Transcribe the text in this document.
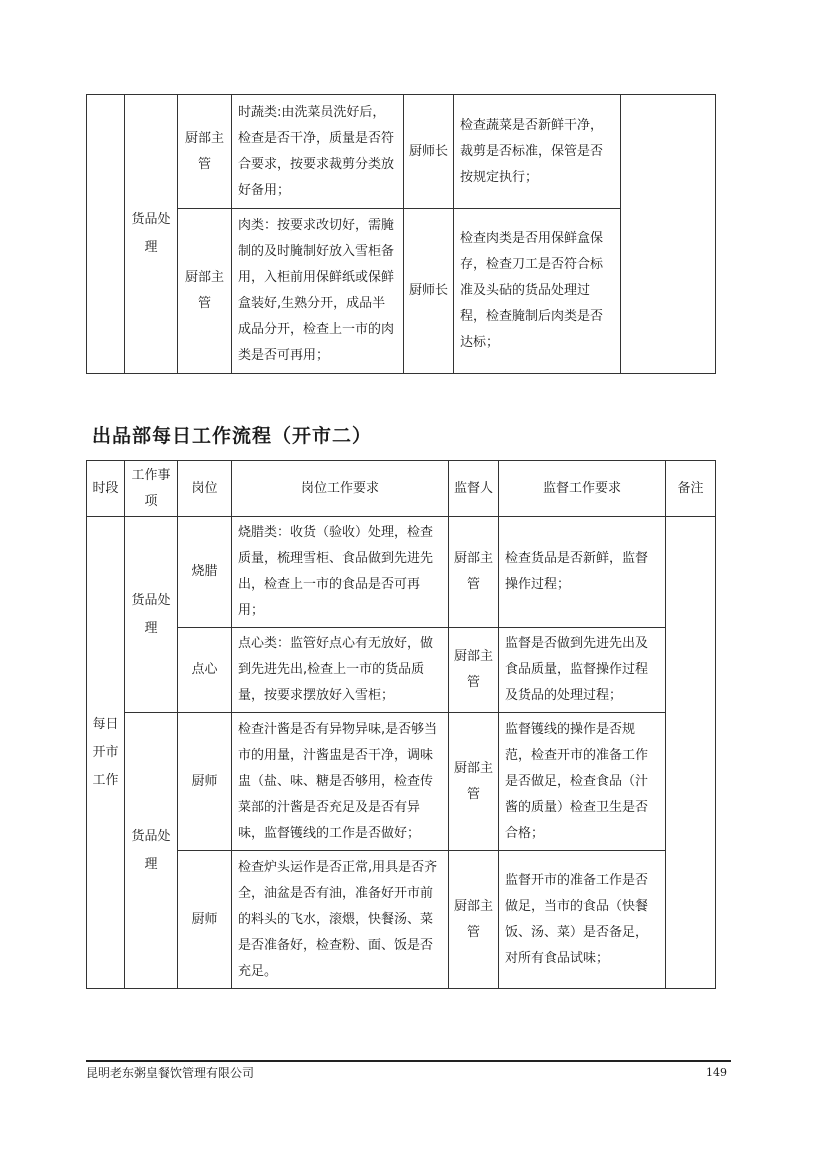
	货品处理	厨部主管	时蔬类:由洗菜员洗好后，检查是否干净，质量是否符合要求，按要求裁剪分类放好备用；	厨师长	检查蔬菜是否新鲜干净，裁剪是否标准，保管是否按规定执行；	
		厨部主管	肉类：按要求改切好，需腌制的及时腌制好放入雪柜备用，入柜前用保鲜纸或保鲜盒装好,生熟分开，成品半成品分开，检查上一市的肉类是否可再用；	厨师长	检查肉类是否用保鲜盒保存，检查刀工是否符合标准及头砧的货品处理过程，检查腌制后肉类是否达标；	
出品部每日工作流程（开市二）
时段	工作事项	岗位	岗位工作要求	监督人	监督工作要求	备注

每日开市工作	货品处理	烧腊	烧腊类：收货（验收）处理，检查质量，梳理雪柜、食品做到先进先出，检查上一市的食品是否可再用；	厨部主管	检查货品是否新鲜，监督操作过程；	
		点心	点心类：监管好点心有无放好，做到先进先出,检查上一市的货品质量，按要求摆放好入雪柜；	厨部主管	监督是否做到先进先出及食品质量，监督操作过程及货品的处理过程；	

	货品处理	厨师	检查汁酱是否有异物异味,是否够当市的用量，汁酱盅是否干净，调味盅（盐、味、糖是否够用，检查传菜部的汁酱是否充足及是否有异味，监督镬线的工作是否做好；	厨部主管	监督镬线的操作是否规范，检查开市的准备工作是否做足，检查食品（汁酱的质量）检查卫生是否合格；	
		厨师	检查炉头运作是否正常,用具是否齐全，油盆是否有油，准备好开市前的料头的飞水，滚煨，快餐汤、菜是否准备好，检查粉、面、饭是否充足。	厨部主管	监督开市的准备工作是否做足，当市的食品（快餐饭、汤、菜）是否备足，对所有食品试味；	
昆明老东粥皇餐饮管理有限公司	149
